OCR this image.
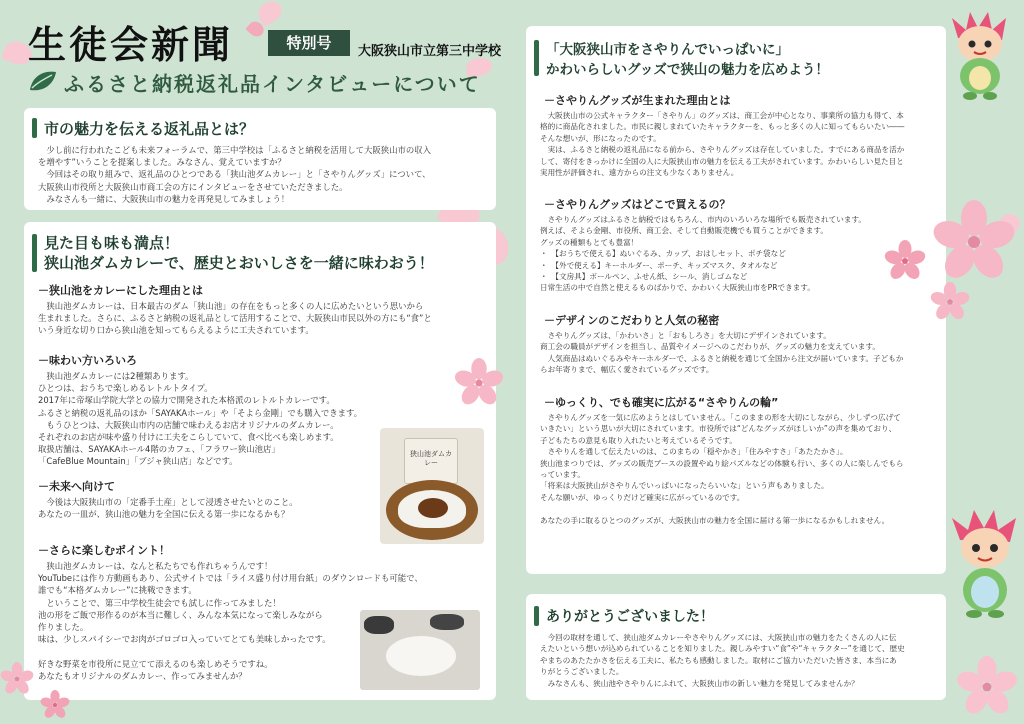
生徒会新聞	特別号	大阪狭山市立第三中学校
ふるさと納税返礼品インタビューについて
市の魅力を伝える返礼品とは？
　少し前に行われたこども未来フォーラムで、第三中学校は「ふるさと納税を活用して大阪狭山市の収入
を増やす”いうことを提案しました。みなさん、覚えていますか？
　今回はその取り組みで、返礼品のひとつである「狭山池ダムカレー」と「さやりんグッズ」について、
大阪狭山市役所と大阪狭山市商工会の方にインタビューをさせていただきました。
　みなさんも一緒に、大阪狭山市の魅力を再発見してみましょう！
見た目も味も満点！
狭山池ダムカレーで、歴史とおいしさを一緒に味わおう！
－狭山池をカレーにした理由とは
　狭山池ダムカレーは、日本最古のダム「狭山池」の存在をもっと多くの人に広めたいという思いから
生まれました。さらに、ふるさと納税の返礼品として活用することで、大阪狭山市民以外の方にも“食”と
いう身近な切り口から狭山池を知ってもらえるように工夫されています。
－味わい方いろいろ
　狭山池ダムカレーには2種類あります。
ひとつは、おうちで楽しめるレトルトタイプ。
2017年に帝塚山学院大学との協力で開発された本格派のレトルトカレーです。
ふるさと納税の返礼品のほか「SAYAKAホール」や「そよら金剛」でも購入できます。
　もうひとつは、大阪狭山市内の店舗で味わえるお店オリジナルのダムカレー。
それぞれのお店が味や盛り付けに工夫をこらしていて、食べ比べも楽しめます。
取扱店舗は、SAYAKAホール4階のカフェ、「フラワー狭山池店」
「CafeBlue Mountain」「ブジャ狭山店」などです。
－未来へ向けて
　今後は大阪狭山市の「定番手土産」として浸透させたいとのこと。
あなたの一皿が、狭山池の魅力を全国に伝える第一歩になるかも？
－さらに楽しむポイント！
　狭山池ダムカレーは、なんと私たちでも作れちゃうんです！
YouTubeには作り方動画もあり、公式サイトでは「ライス盛り付け用台紙」のダウンロードも可能で、
誰でも“本格ダムカレー”に挑戦できます。
　ということで、第三中学校生徒会でも試しに作ってみました！
池の形をご飯で形作るのが本当に難しく、みんな本気になって楽しみながら
作りました。
味は、少しスパイシーでお肉がゴロゴロ入っていてとても美味しかったです。

好きな野菜を市役所に見立てて添えるのも楽しめそうですね。
あなたもオリジナルのダムカレー、作ってみませんか？
狭山池ダムカレー
「大阪狭山市をさやりんでいっぱいに」
かわいらしいグッズで狭山の魅力を広めよう！
－さやりんグッズが生まれた理由とは
　大阪狭山市の公式キャラクター「さやりん」のグッズは、商工会が中心となり、事業所の協力も得て、本
格的に商品化されました。市民に親しまれていたキャラクターを、もっと多くの人に知ってもらいたい――
そんな想いが、形になったのです。
　実は、ふるさと納税の返礼品になる前から、さやりんグッズは存在していました。すでにある商品を活か
して、寄付をきっかけに全国の人に大阪狭山市の魅力を伝える工夫がされています。かわいらしい見た目と
実用性が評価され、遠方からの注文も少なくありません。
－さやりんグッズはどこで買えるの？
　さやりんグッズはふるさと納税ではもちろん、市内のいろいろな場所でも販売されています。
例えば、そよら金剛、市役所、商工会、そして自動販売機でも買うことができます。
グッズの種類もとても豊富！
・　【おうちで使える】ぬいぐるみ、カップ、おはしセット、ポチ袋など
・　【外で使える】キーホルダー、ポーチ、キッズマスク、タオルなど
・　【文房具】ボールペン、ふせん紙、シール、消しゴムなど
日常生活の中で自然と使えるものばかりで、かわいく大阪狭山市をPRできます。
－デザインのこだわりと人気の秘密
　さやりんグッズは、「かわいさ」と「おもしろさ」を大切にデザインされています。
商工会の職員がデザインを担当し、品質やイメージへのこだわりが、グッズの魅力を支えています。
　人気商品はぬいぐるみやキーホルダーで、ふるさと納税を通じて全国から注文が届いています。子どもか
らお年寄りまで、幅広く愛されているグッズです。
－ゆっくり、でも確実に広がる“さやりんの輪”
　さやりんグッズを一気に広めようとはしていません。「このままの形を大切にしながら、少しずつ広げて
いきたい」という思いが大切にされています。市役所では“どんなグッズがほしいか”の声を集めており、
子どもたちの意見も取り入れたいと考えているそうです。
　さやりんを通して伝えたいのは、このまちの「穏やかさ」「住みやすさ」「あたたかさ」。
狭山池まつりでは、グッズの販売ブースの設置やぬり絵パズルなどの体験も行い、多くの人に楽しんでもら
っています。
「将来は大阪狭山がさやりんでいっぱいになったらいいな」という声もありました。
そんな願いが、ゆっくりだけど確実に広がっているのです。

あなたの手に取るひとつのグッズが、大阪狭山市の魅力を全国に届ける第一歩になるかもしれません。
ありがとうございました！
　今回の取材を通して、狭山池ダムカレーやさやりんグッズには、大阪狭山市の魅力をたくさんの人に伝
えたいという想いが込められていることを知りました。親しみやすい“食”や“キャラクター”を通じて、歴史
やまちのあたたかさを伝える工夫に、私たちも感動しました。取材にご協力いただいた皆さま、本当にあ
りがとうございました。
　みなさんも、狭山池やさやりんにふれて、大阪狭山市の新しい魅力を発見してみませんか？
